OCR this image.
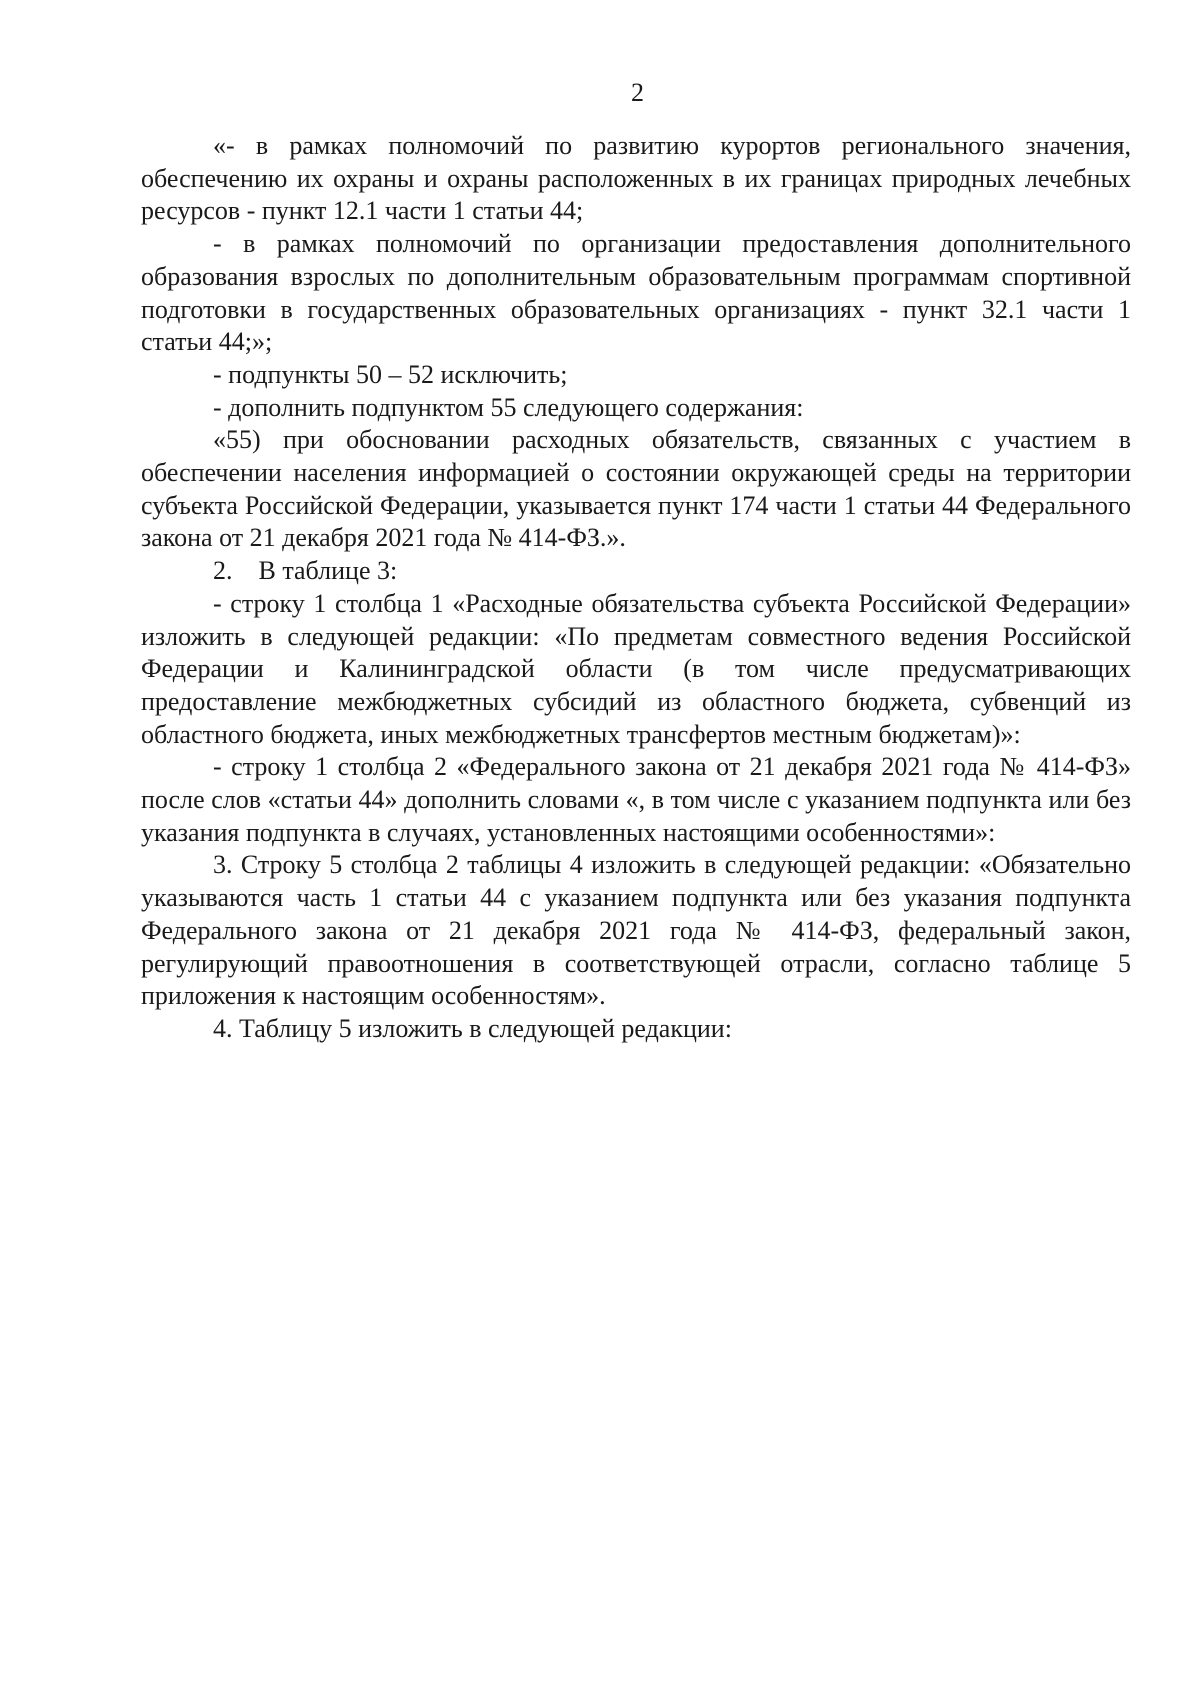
2

«- в рамках полномочий по развитию курортов регионального значения, обеспечению их охраны и охраны расположенных в их границах природных лечебных ресурсов - пункт 12.1 части 1 статьи 44;

- в рамках полномочий по организации предоставления дополнительного образования взрослых по дополнительным образовательным программам спортивной подготовки в государственных образовательных организациях - пункт 32.1 части 1 статьи 44;»;

- подпункты 50 – 52 исключить;

- дополнить подпунктом 55 следующего содержания:

«55) при обосновании расходных обязательств, связанных с участием в обеспечении населения информацией о состоянии окружающей среды на территории субъекта Российской Федерации, указывается пункт 174 части 1 статьи 44 Федерального закона от 21 декабря 2021 года № 414-ФЗ.».

2.    В таблице 3:

- строку 1 столбца 1 «Расходные обязательства субъекта Российской Федерации» изложить в следующей редакции: «По предметам совместного ведения Российской Федерации и Калининградской области (в том числе предусматривающих предоставление межбюджетных субсидий из областного бюджета, субвенций из областного бюджета, иных межбюджетных трансфертов местным бюджетам)»:

- строку 1 столбца 2 «Федерального закона от 21 декабря 2021 года № 414-ФЗ» после слов «статьи 44» дополнить словами «, в том числе с указанием подпункта или без указания подпункта в случаях, установленных настоящими особенностями»:

3. Строку 5 столбца 2 таблицы 4 изложить в следующей редакции: «Обязательно указываются часть 1 статьи 44 с указанием подпункта или без указания подпункта Федерального закона от 21 декабря 2021 года № 414-ФЗ, федеральный закон, регулирующий правоотношения в соответствующей отрасли, согласно таблице 5 приложения к настоящим особенностям».

4. Таблицу 5 изложить в следующей редакции:
